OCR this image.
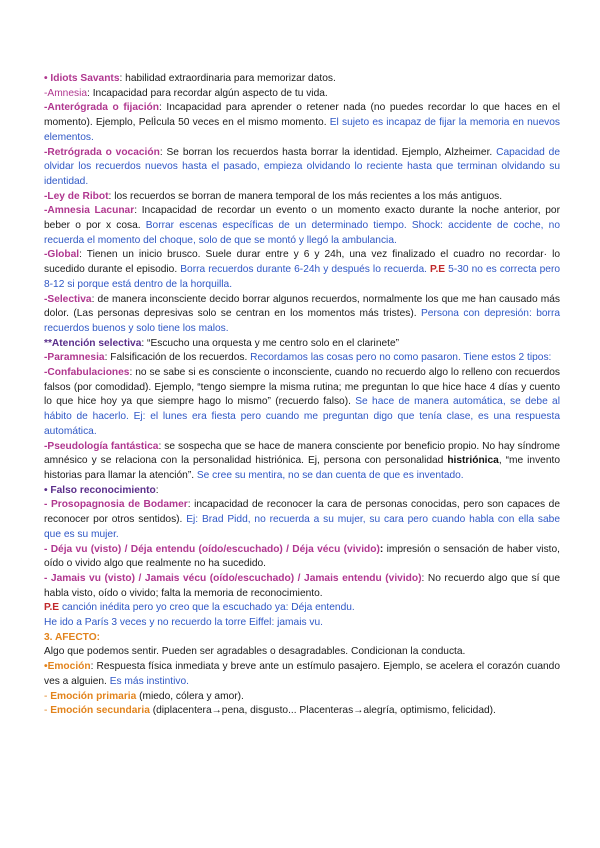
• Idiots Savants: habilidad extraordinaria para memorizar datos.

-Amnesia: Incapacidad para recordar algún aspecto de tu vida.

-Anterógrada o fijación: Incapacidad para aprender o retener nada (no puedes recordar lo que haces en el momento). Ejemplo, PelÌcula 50 veces en el mismo momento. El sujeto es incapaz de fijar la memoria en nuevos elementos.

-Retrógrada o vocación: Se borran los recuerdos hasta borrar la identidad. Ejemplo, Alzheimer. Capacidad de olvidar los recuerdos nuevos hasta el pasado, empieza olvidando lo reciente hasta que terminan olvidando su identidad.

-Ley de Ribot: los recuerdos se borran de manera temporal de los más recientes a los más antiguos.

-Amnesia Lacunar: Incapacidad de recordar un evento o un momento exacto durante la noche anterior, por beber o por x cosa. Borrar escenas específicas de un determinado tiempo. Shock: accidente de coche, no recuerda el momento del choque, solo de que se montó y llegó la ambulancia.

-Global: Tienen un inicio brusco. Suele durar entre y 6 y 24h, una vez finalizado el cuadro no recordar· lo sucedido durante el episodio. Borra recuerdos durante 6-24h y después lo recuerda. P.E 5-30 no es correcta pero 8-12 si porque está dentro de la horquilla.

-Selectiva: de manera inconsciente decido borrar algunos recuerdos, normalmente los que me han causado más dolor. (Las personas depresivas solo se centran en los momentos más tristes). Persona con depresión: borra recuerdos buenos y solo tiene los malos.

**Atención selectiva: “Escucho una orquesta y me centro solo en el clarinete”

-Paramnesia: Falsificación de los recuerdos. Recordamos las cosas pero no como pasaron. Tiene estos 2 tipos:

-Confabulaciones: no se sabe si es consciente o inconsciente, cuando no recuerdo algo lo relleno con recuerdos falsos (por comodidad). Ejemplo, “tengo siempre la misma rutina; me preguntan lo que hice hace 4 días y cuento lo que hice hoy ya que siempre hago lo mismo” (recuerdo falso). Se hace de manera automática, se debe al hábito de hacerlo. Ej: el lunes era fiesta pero cuando me preguntan digo que tenía clase, es una respuesta automática.

-Pseudología fantástica: se sospecha que se hace de manera consciente por beneficio propio. No hay síndrome amnésico y se relaciona con la personalidad histriónica. Ej, persona con personalidad histriónica, “me invento historias para llamar la atención”. Se cree su mentira, no se dan cuenta de que es inventado.

• Falso reconocimiento:

- Prosopagnosia de Bodamer: incapacidad de reconocer la cara de personas conocidas, pero son capaces de reconocer por otros sentidos). Ej: Brad Pidd, no recuerda a su mujer, su cara pero cuando habla con ella sabe que es su mujer.

- Déja vu (visto) / Déja entendu (oído/escuchado) / Déja vécu (vivido): impresión o sensación de haber visto, oído o vivido algo que realmente no ha sucedido.

- Jamais vu (visto) / Jamais vécu (oído/escuchado) / Jamais entendu (vivido): No recuerdo algo que sí que habla visto, oído o vivido; falta la memoria de reconocimiento.

P.E canción inédita pero yo creo que la escuchado ya: Déja entendu.

He ido a París 3 veces y no recuerdo la torre Eiffel: jamais vu.

3. AFECTO:

Algo que podemos sentir. Pueden ser agradables o desagradables. Condicionan la conducta.

•Emoción: Respuesta física inmediata y breve ante un estímulo pasajero. Ejemplo, se acelera el corazón cuando ves a alguien. Es más instintivo.

- Emoción primaria (miedo, cólera y amor).

- Emoción secundaria (diplacentera→pena, disgusto... Placenteras→alegría, optimismo, felicidad).
